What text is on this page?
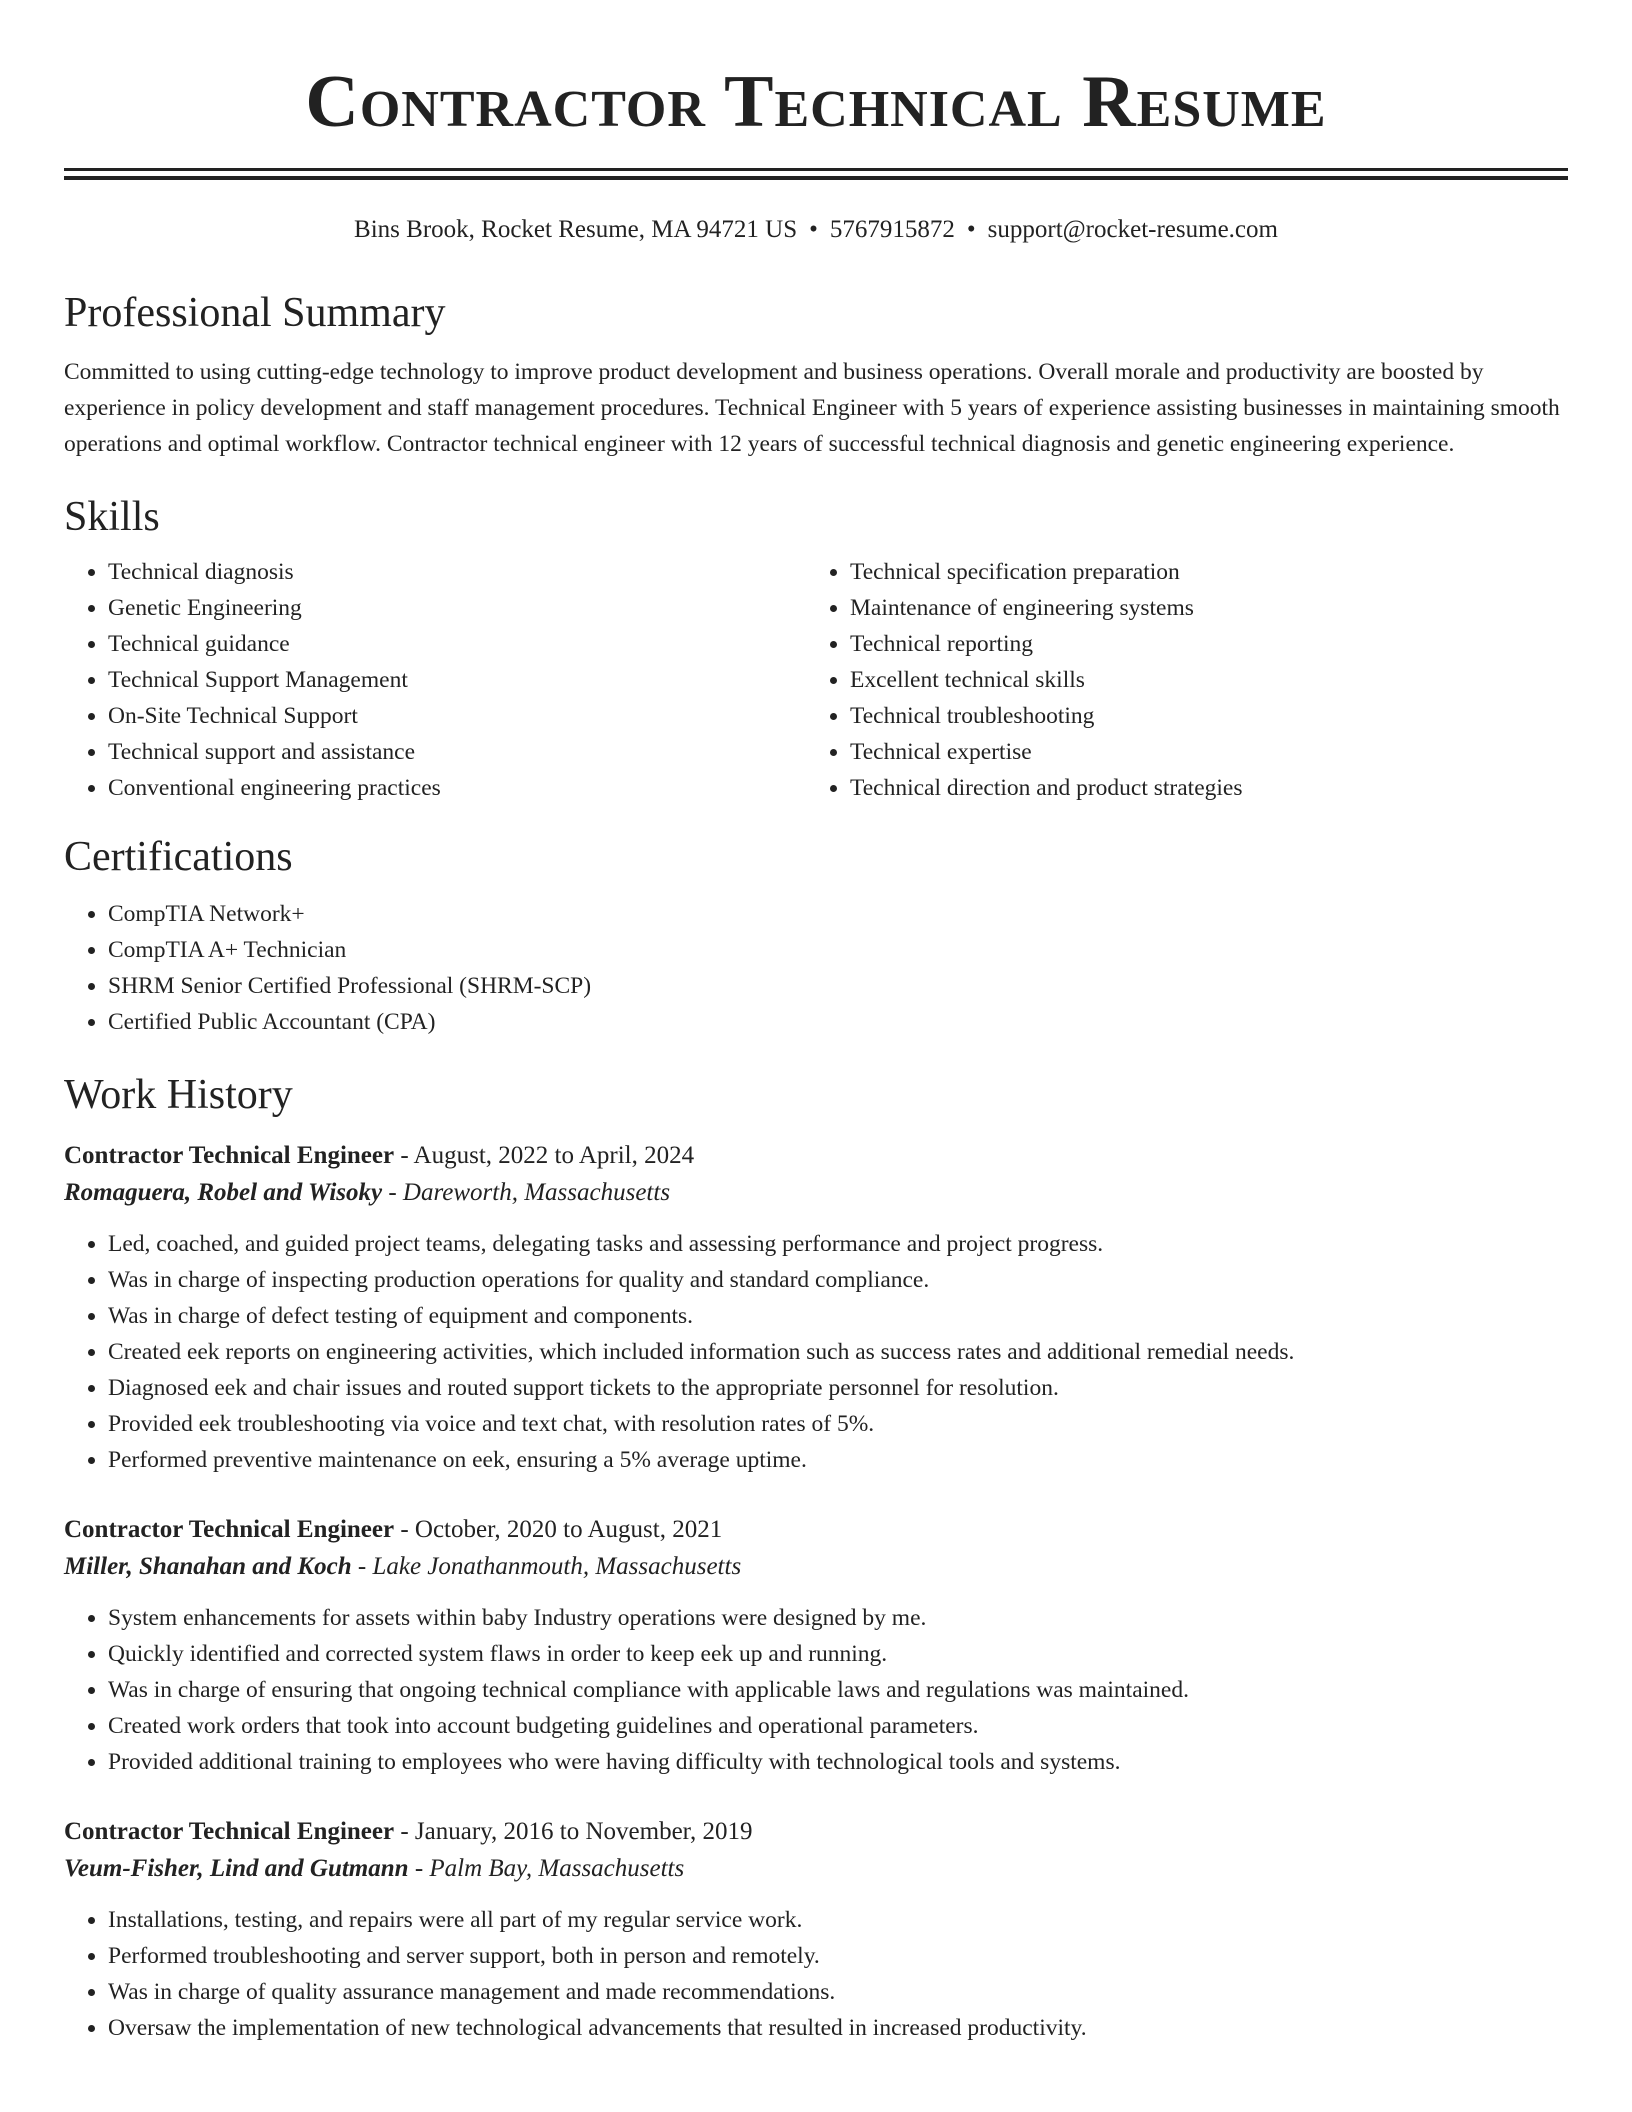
Contractor Technical Resume
Bins Brook, Rocket Resume, MA 94721 US • 5767915872 • support@rocket-resume.com
Professional Summary

Committed to using cutting-edge technology to improve product development and business operations. Overall morale and productivity are boosted by experience in policy development and staff management procedures. Technical Engineer with 5 years of experience assisting businesses in maintaining smooth operations and optimal workflow. Contractor technical engineer with 12 years of successful technical diagnosis and genetic engineering experience.

Skills
• Technical diagnosis
• Genetic Engineering
• Technical guidance
• Technical Support Management
• On-Site Technical Support
• Technical support and assistance
• Conventional engineering practices
• Technical specification preparation
• Maintenance of engineering systems
• Technical reporting
• Excellent technical skills
• Technical troubleshooting
• Technical expertise
• Technical direction and product strategies
Certifications
• CompTIA Network+
• CompTIA A+ Technician
• SHRM Senior Certified Professional (SHRM-SCP)
• Certified Public Accountant (CPA)
Work History
Contractor Technical Engineer - August, 2022 to April, 2024
Romaguera, Robel and Wisoky - Dareworth, Massachusetts
• Led, coached, and guided project teams, delegating tasks and assessing performance and project progress.
• Was in charge of inspecting production operations for quality and standard compliance.
• Was in charge of defect testing of equipment and components.
• Created eek reports on engineering activities, which included information such as success rates and additional remedial needs.
• Diagnosed eek and chair issues and routed support tickets to the appropriate personnel for resolution.
• Provided eek troubleshooting via voice and text chat, with resolution rates of 5%.
• Performed preventive maintenance on eek, ensuring a 5% average uptime.
Contractor Technical Engineer - October, 2020 to August, 2021
Miller, Shanahan and Koch - Lake Jonathanmouth, Massachusetts
• System enhancements for assets within baby Industry operations were designed by me.
• Quickly identified and corrected system flaws in order to keep eek up and running.
• Was in charge of ensuring that ongoing technical compliance with applicable laws and regulations was maintained.
• Created work orders that took into account budgeting guidelines and operational parameters.
• Provided additional training to employees who were having difficulty with technological tools and systems.
Contractor Technical Engineer - January, 2016 to November, 2019
Veum-Fisher, Lind and Gutmann - Palm Bay, Massachusetts
• Installations, testing, and repairs were all part of my regular service work.
• Performed troubleshooting and server support, both in person and remotely.
• Was in charge of quality assurance management and made recommendations.
• Oversaw the implementation of new technological advancements that resulted in increased productivity.
